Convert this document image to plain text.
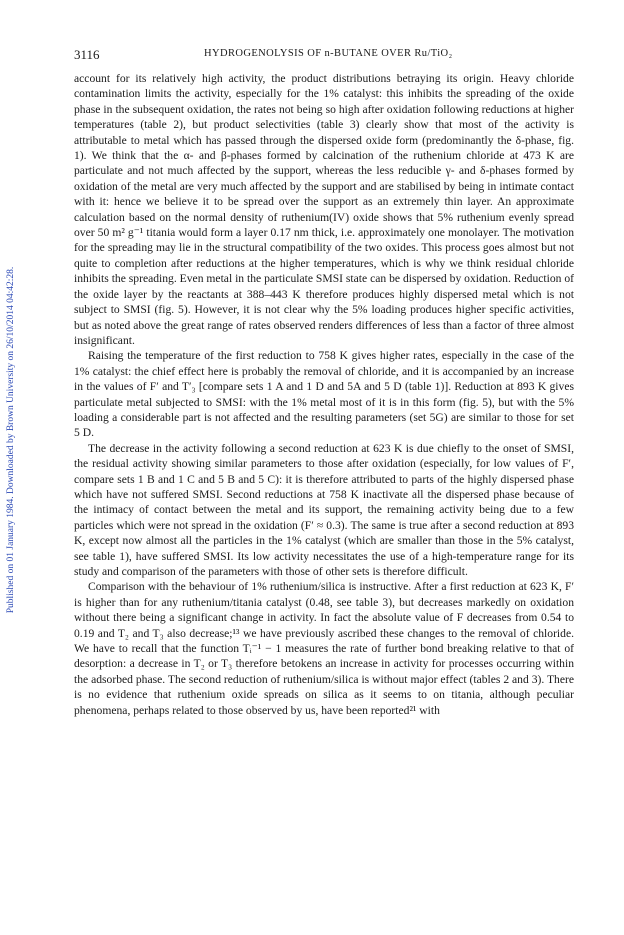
3116	HYDROGENOLYSIS OF n-BUTANE OVER Ru/TiO₂
Published on 01 January 1984. Downloaded by Brown University on 26/10/2014 04:42:28.

account for its relatively high activity, the product distributions betraying its origin. Heavy chloride contamination limits the activity, especially for the 1% catalyst: this inhibits the spreading of the oxide phase in the subsequent oxidation, the rates not being so high after oxidation following reductions at higher temperatures (table 2), but product selectivities (table 3) clearly show that most of the activity is attributable to metal which has passed through the dispersed oxide form (predominantly the δ-phase, fig. 1). We think that the α- and β-phases formed by calcination of the ruthenium chloride at 473 K are particulate and not much affected by the support, whereas the less reducible γ- and δ-phases formed by oxidation of the metal are very much affected by the support and are stabilised by being in intimate contact with it: hence we believe it to be spread over the support as an extremely thin layer. An approximate calculation based on the normal density of ruthenium(IV) oxide shows that 5% ruthenium evenly spread over 50 m² g⁻¹ titania would form a layer 0.17 nm thick, i.e. approximately one monolayer. The motivation for the spreading may lie in the structural compatibility of the two oxides. This process goes almost but not quite to completion after reductions at the higher temperatures, which is why we think residual chloride inhibits the spreading. Even metal in the particulate SMSI state can be dispersed by oxidation. Reduction of the oxide layer by the reactants at 388–443 K therefore produces highly dispersed metal which is not subject to SMSI (fig. 5). However, it is not clear why the 5% loading produces higher specific activities, but as noted above the great range of rates observed renders differences of less than a factor of three almost insignificant.

Raising the temperature of the first reduction to 758 K gives higher rates, especially in the case of the 1% catalyst: the chief effect here is probably the removal of chloride, and it is accompanied by an increase in the values of F′ and T′₃ [compare sets 1 A and 1 D and 5A and 5 D (table 1)]. Reduction at 893 K gives particulate metal subjected to SMSI: with the 1% metal most of it is in this form (fig. 5), but with the 5% loading a considerable part is not affected and the resulting parameters (set 5G) are similar to those for set 5 D.

The decrease in the activity following a second reduction at 623 K is due chiefly to the onset of SMSI, the residual activity showing similar parameters to those after oxidation (especially, for low values of F′, compare sets 1 B and 1 C and 5 B and 5 C): it is therefore attributed to parts of the highly dispersed phase which have not suffered SMSI. Second reductions at 758 K inactivate all the dispersed phase because of the intimacy of contact between the metal and its support, the remaining activity being due to a few particles which were not spread in the oxidation (F′ ≈ 0.3). The same is true after a second reduction at 893 K, except now almost all the particles in the 1% catalyst (which are smaller than those in the 5% catalyst, see table 1), have suffered SMSI. Its low activity necessitates the use of a high-temperature range for its study and comparison of the parameters with those of other sets is therefore difficult.

Comparison with the behaviour of 1% ruthenium/silica is instructive. After a first reduction at 623 K, F′ is higher than for any ruthenium/titania catalyst (0.48, see table 3), but decreases markedly on oxidation without there being a significant change in activity. In fact the absolute value of F decreases from 0.54 to 0.19 and T₂ and T₃ also decrease;¹³ we have previously ascribed these changes to the removal of chloride. We have to recall that the function Tᵢ⁻¹ − 1 measures the rate of further bond breaking relative to that of desorption: a decrease in T₂ or T₃ therefore betokens an increase in activity for processes occurring within the adsorbed phase. The second reduction of ruthenium/silica is without major effect (tables 2 and 3). There is no evidence that ruthenium oxide spreads on silica as it seems to on titania, although peculiar phenomena, perhaps related to those observed by us, have been reported²¹ with
